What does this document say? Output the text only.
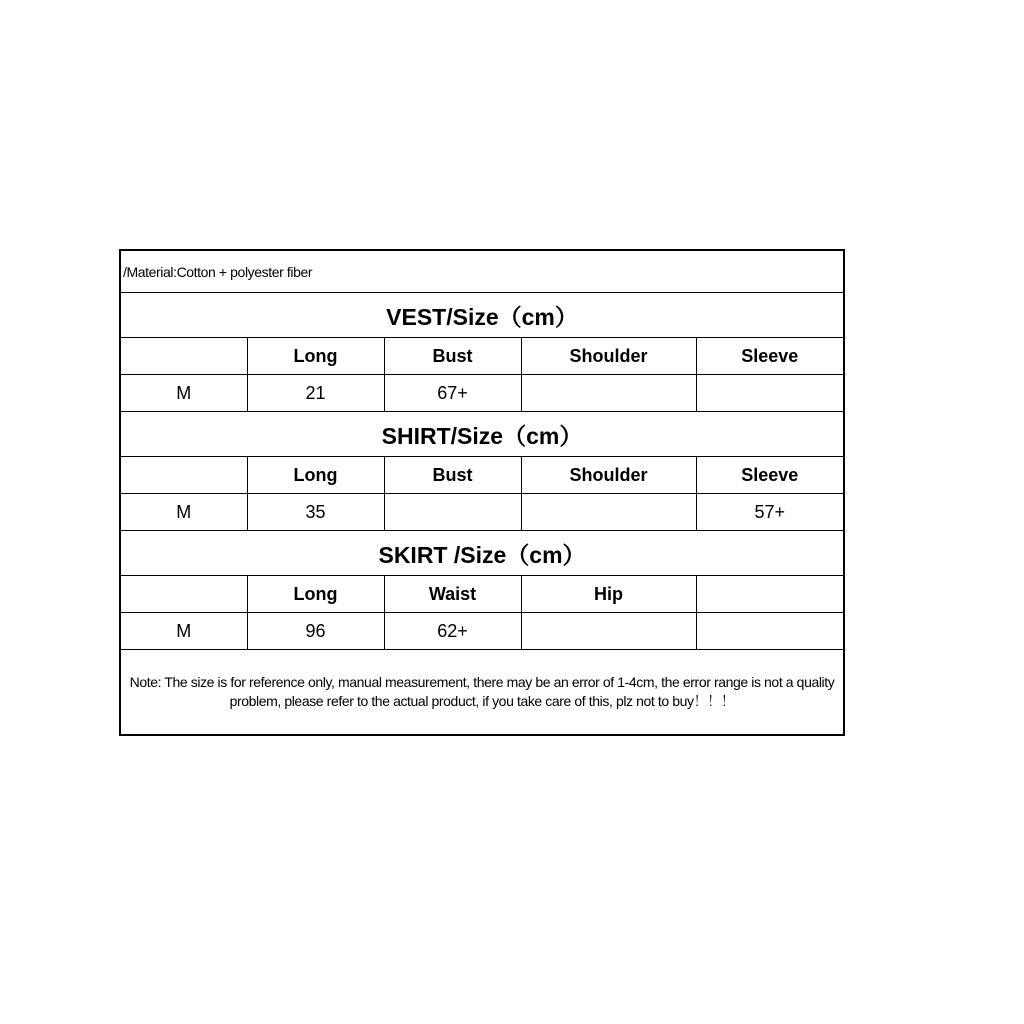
/Material:Cotton + polyester fiber				
VEST/Size（cm）				
	Long	Bust	Shoulder	Sleeve
M	21	67+		
SHIRT/Size（cm）				
	Long	Bust	Shoulder	Sleeve
M	35			57+
SKIRT /Size（cm）				
	Long	Waist	Hip	
M	96	62+		
Note: The size is for reference only, manual measurement, there may be an error of 1-4cm, the error range is not a quality problem, please refer to the actual product, if you take care of this, plz not to buy！！！				
